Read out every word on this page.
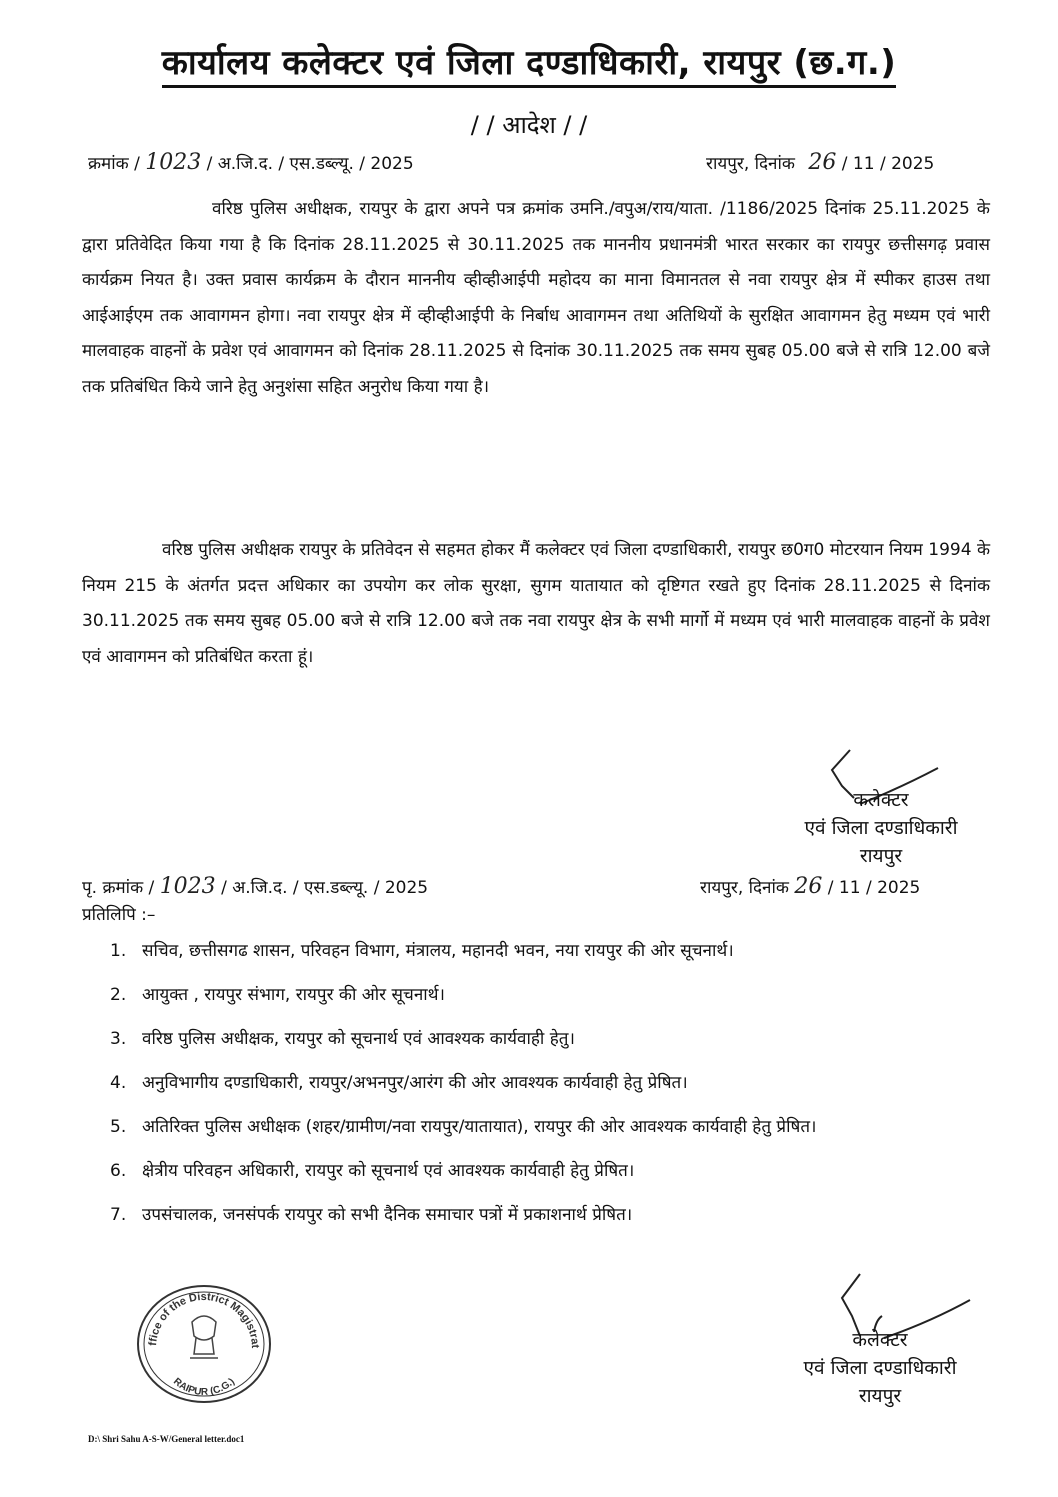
कार्यालय कलेक्टर एवं जिला दण्डाधिकारी, रायपुर (छ.ग.)
/ / आदेश / /
क्रमांक / 1023 / अ.जि.द. / एस.डब्ल्यू. / 2025	रायपुर, दिनांक 26 / 11 / 2025
वरिष्ठ पुलिस अधीक्षक, रायपुर के द्वारा अपने पत्र क्रमांक उमनि./वपुअ/राय/याता. /1186/2025 दिनांक 25.11.2025 के द्वारा प्रतिवेदित किया गया है कि दिनांक 28.11.2025 से 30.11.2025 तक माननीय प्रधानमंत्री भारत सरकार का रायपुर छत्तीसगढ़ प्रवास कार्यक्रम नियत है। उक्त प्रवास कार्यक्रम के दौरान माननीय व्हीव्हीआईपी महोदय का माना विमानतल से नवा रायपुर क्षेत्र में स्पीकर हाउस तथा आईआईएम तक आवागमन होगा। नवा रायपुर क्षेत्र में व्हीव्हीआईपी के निर्बाध आवागमन तथा अतिथियों के सुरक्षित आवागमन हेतु मध्यम एवं भारी मालवाहक वाहनों के प्रवेश एवं आवागमन को दिनांक 28.11.2025 से दिनांक 30.11.2025 तक समय सुबह 05.00 बजे से रात्रि 12.00 बजे तक प्रतिबंधित किये जाने हेतु अनुशंसा सहित अनुरोध किया गया है।
वरिष्ठ पुलिस अधीक्षक रायपुर के प्रतिवेदन से सहमत होकर मैं कलेक्टर एवं जिला दण्डाधिकारी, रायपुर छ0ग0 मोटरयान नियम 1994 के नियम 215 के अंतर्गत प्रदत्त अधिकार का उपयोग कर लोक सुरक्षा, सुगम यातायात को दृष्टिगत रखते हुए दिनांक 28.11.2025 से दिनांक 30.11.2025 तक समय सुबह 05.00 बजे से रात्रि 12.00 बजे तक नवा रायपुर क्षेत्र के सभी मार्गो में मध्यम एवं भारी मालवाहक वाहनों के प्रवेश एवं आवागमन को प्रतिबंधित करता हूं।
कलेक्टर
एवं जिला दण्डाधिकारी
रायपुर
पृ. क्रमांक / 1023 / अ.जि.द. / एस.डब्ल्यू. / 2025	रायपुर, दिनांक 26 / 11 / 2025
प्रतिलिपि :–
1. सचिव, छत्तीसगढ शासन, परिवहन विभाग, मंत्रालय, महानदी भवन, नया रायपुर की ओर सूचनार्थ।
2. आयुक्त , रायपुर संभाग, रायपुर की ओर सूचनार्थ।
3. वरिष्ठ पुलिस अधीक्षक, रायपुर को सूचनार्थ एवं आवश्यक कार्यवाही हेतु।
4. अनुविभागीय दण्डाधिकारी, रायपुर/अभनपुर/आरंग की ओर आवश्यक कार्यवाही हेतु प्रेषित।
5. अतिरिक्त पुलिस अधीक्षक (शहर/ग्रामीण/नवा रायपुर/यातायात), रायपुर की ओर आवश्यक कार्यवाही हेतु प्रेषित।
6. क्षेत्रीय परिवहन अधिकारी, रायपुर को सूचनार्थ एवं आवश्यक कार्यवाही हेतु प्रेषित।
7. उपसंचालक, जनसंपर्क रायपुर को सभी दैनिक समाचार पत्रों में प्रकाशनार्थ प्रेषित।
Office of the District Magistrate
RAIPUR (C.G.)
कलेक्टर
एवं जिला दण्डाधिकारी
रायपुर
D:\ Shri Sahu A-S-W/General letter.doc1
